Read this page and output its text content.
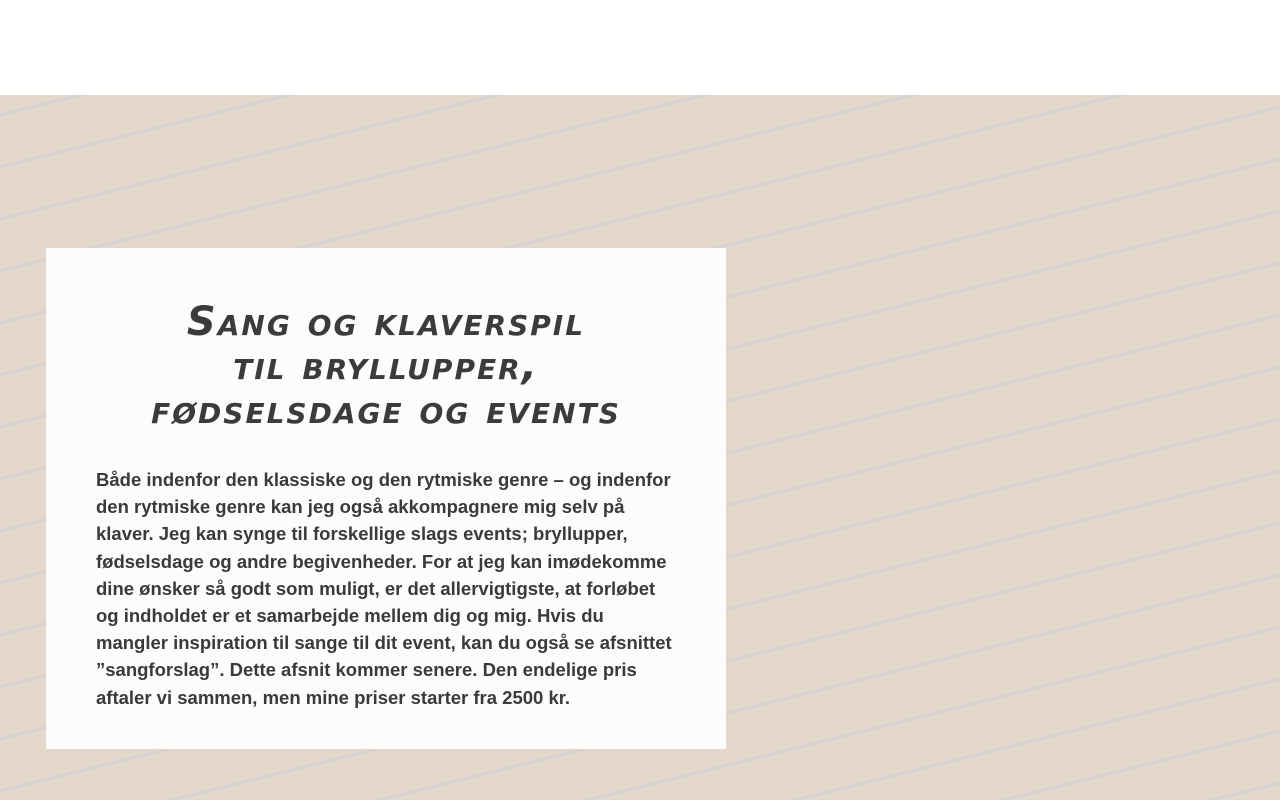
Sang og klaverspil
til bryllupper,
fødselsdage og events

Både indenfor den klassiske og den rytmiske genre – og indenfor den rytmiske genre kan jeg også akkompagnere mig selv på klaver. Jeg kan synge til forskellige slags events; bryllupper, fødselsdage og andre begivenheder. For at jeg kan imødekomme dine ønsker så godt som muligt, er det allervigtigste, at forløbet og indholdet er et samarbejde mellem dig og mig. Hvis du mangler inspiration til sange til dit event, kan du også se afsnittet ”sangforslag”. Dette afsnit kommer senere. Den endelige pris aftaler vi sammen, men mine priser starter fra 2500 kr.
